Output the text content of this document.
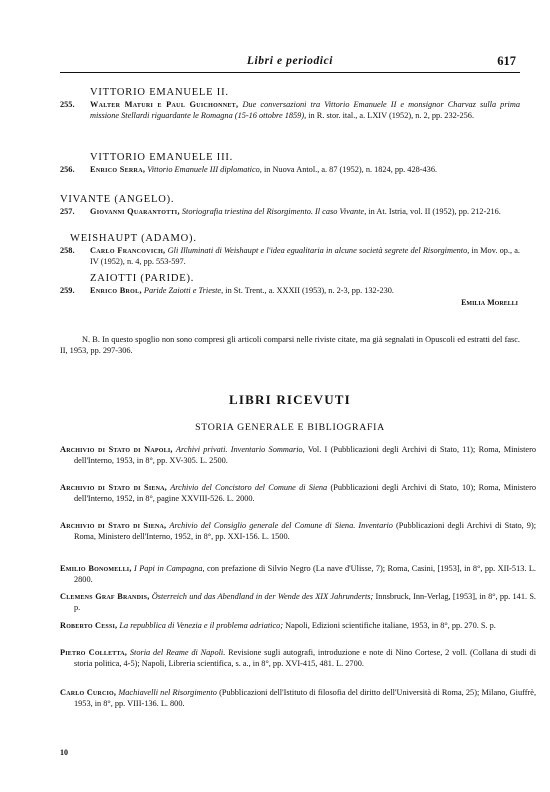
Libri e periodici	617
VITTORIO EMANUELE II.
255.	Walter Maturi e Paul Guichonnet, Due conversazioni tra Vittorio Emanuele II e monsignor Charvaz sulla prima missione Stellardi riguardante le Romagna (15-16 ottobre 1859), in R. stor. ital., a. LXIV (1952), n. 2, pp. 232-256.
VITTORIO EMANUELE III.
256.	Enrico Serra, Vittorio Emanuele III diplomatico, in Nuova Antol., a. 87 (1952), n. 1824, pp. 428-436.
VIVANTE (ANGELO).
257.	Giovanni Quarantotti, Storiografia triestina del Risorgimento. Il caso Vivante, in At. Istria, vol. II (1952), pp. 212-216.
WEISHAUPT (ADAMO).
258.	Carlo Francovich, Gli Illuminati di Weishaupt e l'idea egualitaria in alcune società segrete del Risorgimento, in Mov. op., a. IV (1952), n. 4, pp. 553-597.
ZAIOTTI (PARIDE).
259.	Enrico Brol, Paride Zaiotti e Trieste, in St. Trent., a. XXXII (1953), n. 2-3, pp. 132-230.
Emilia Morelli
N. B. In questo spoglio non sono compresi gli articoli comparsi nelle riviste citate, ma già segnalati in Opuscoli ed estratti del fasc. II, 1953, pp. 297-306.
LIBRI RICEVUTI
STORIA GENERALE E BIBLIOGRAFIA
Archivio di Stato di Napoli, Archivi privati. Inventario Sommario, Vol. I (Pubblicazioni degli Archivi di Stato, 11); Roma, Ministero dell'Interno, 1953, in 8°, pp. XV-305. L. 2500.
Archivio di Stato di Siena, Archivio del Concistoro del Comune di Siena (Pubblicazioni degli Archivi di Stato, 10); Roma, Ministero dell'Interno, 1952, in 8°, pagine XXVIII-526. L. 2000.
Archivio di Stato di Siena, Archivio del Consiglio generale del Comune di Siena. Inventario (Pubblicazioni degli Archivi di Stato, 9); Roma, Ministero dell'Interno, 1952, in 8°, pp. XXI-156. L. 1500.
Emilio Bonomelli, I Papi in Campagna, con prefazione di Silvio Negro (La nave d'Ulisse, 7); Roma, Casini, [1953], in 8°, pp. XII-513. L. 2800.
Clemens Graf Brandis, Österreich und das Abendland in der Wende des XIX Jahrunderts; Innsbruck, Inn-Verlag, [1953], in 8°, pp. 141. S. p.
Roberto Cessi, La repubblica di Venezia e il problema adriatico; Napoli, Edizioni scientifiche italiane, 1953, in 8°, pp. 270. S. p.
Pietro Colletta, Storia del Reame di Napoli. Revisione sugli autografi, introduzione e note di Nino Cortese, 2 voll. (Collana di studi di storia politica, 4-5); Napoli, Libreria scientifica, s. a., in 8°, pp. XVI-415, 481. L. 2700.
Carlo Curcio, Machiavelli nel Risorgimento (Pubblicazioni dell'Istituto di filosofia del diritto dell'Università di Roma, 25); Milano, Giuffrè, 1953, in 8°, pp. VIII-136. L. 800.
10
